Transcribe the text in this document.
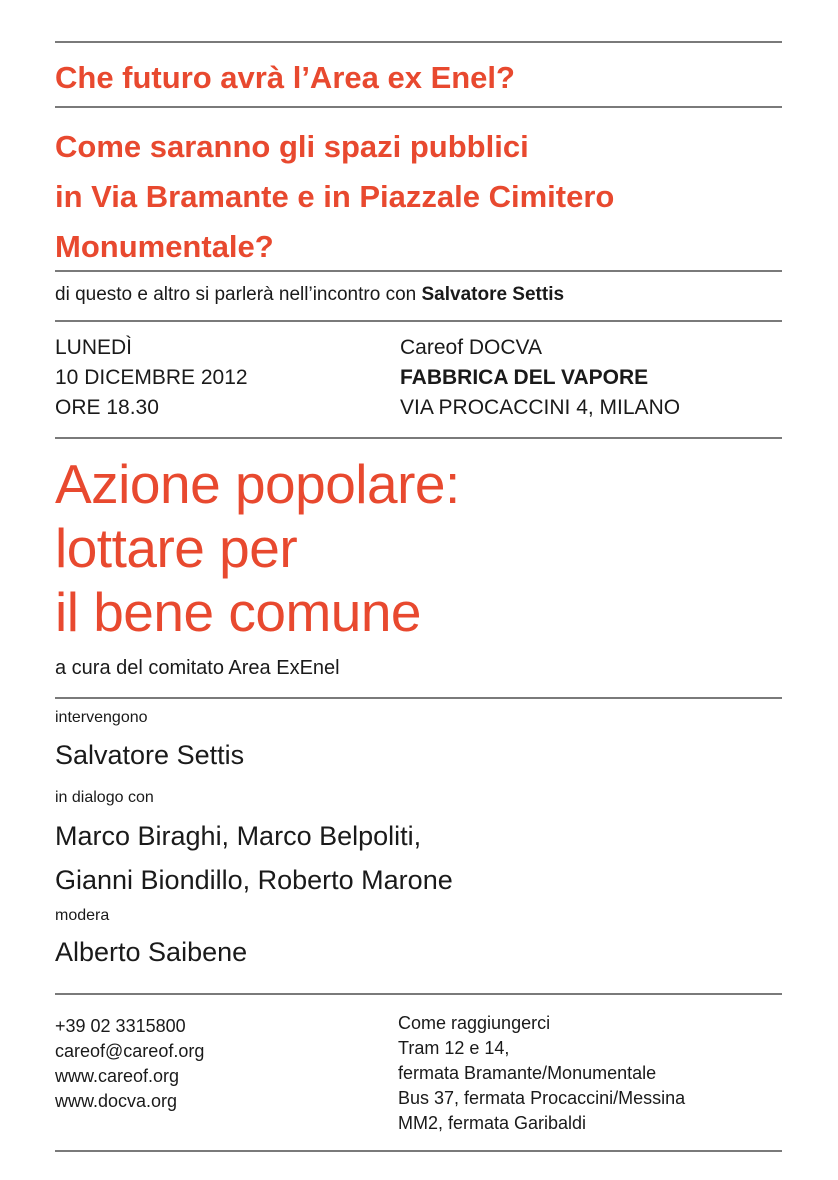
Che futuro avrà l’Area ex Enel?
Come saranno gli spazi pubblici
in Via Bramante e in Piazzale Cimitero
Monumentale?
di questo e altro si parlerà nell’incontro con Salvatore Settis
LUNEDÌ
10 DICEMBRE 2012
ORE 18.30
Careof DOCVA
FABBRICA DEL VAPORE
VIA PROCACCINI 4, MILANO
Azione popolare:
lottare per
il bene comune
a cura del comitato Area ExEnel
intervengono
Salvatore Settis
in dialogo con
Marco Biraghi, Marco Belpoliti,
Gianni Biondillo, Roberto Marone
modera
Alberto Saibene
+39 02 3315800
careof@careof.org
www.careof.org
www.docva.org
Come raggiungerci
Tram 12 e 14,
fermata Bramante/Monumentale
Bus 37, fermata Procaccini/Messina
MM2, fermata Garibaldi
